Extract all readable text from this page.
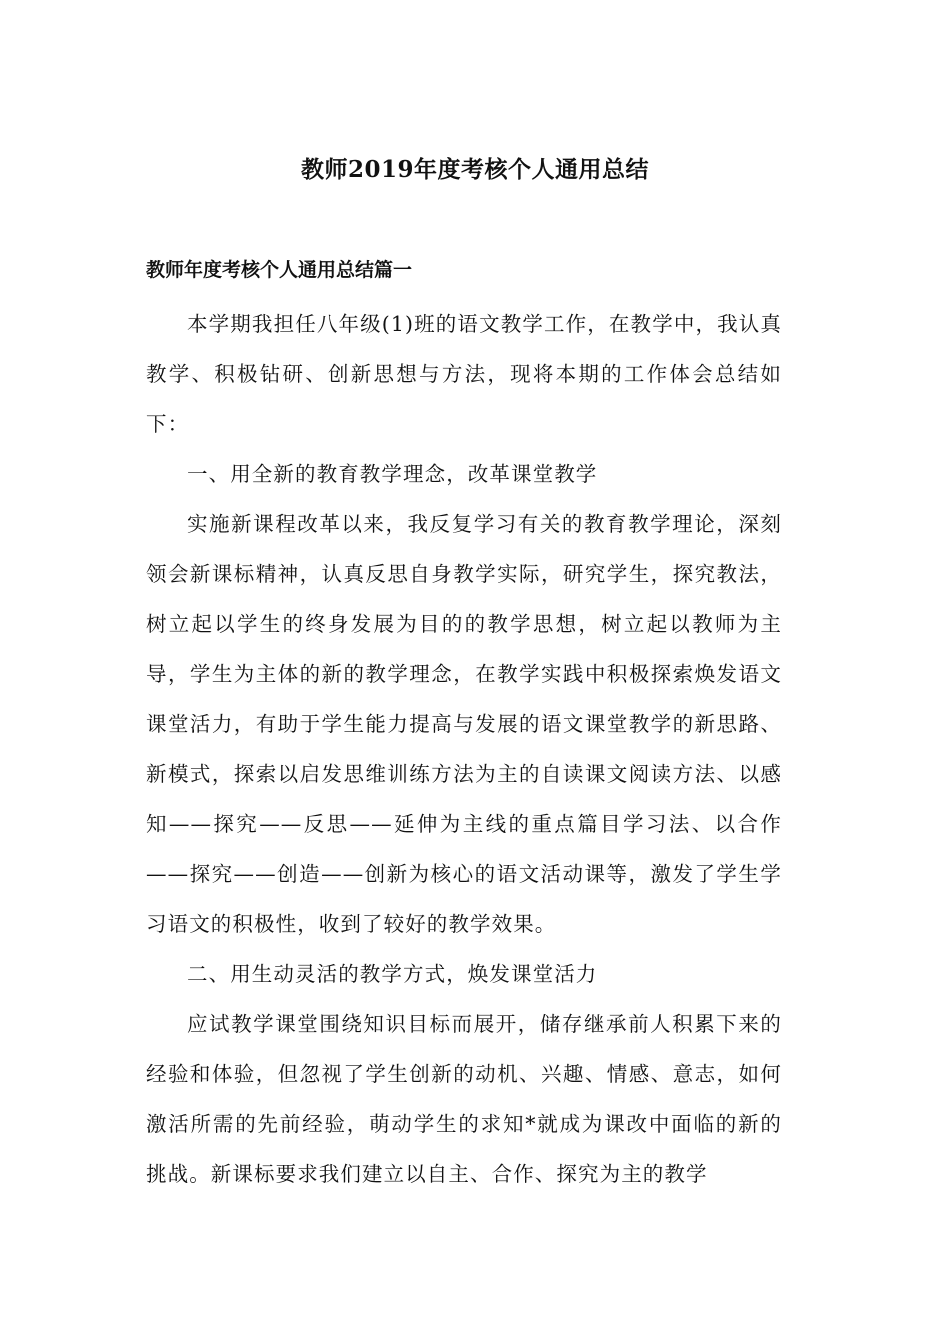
教师2019年度考核个人通用总结
教师年度考核个人通用总结篇一

本学期我担任八年级(1)班的语文教学工作，在教学中，我认真教学、积极钻研、创新思想与方法，现将本期的工作体会总结如下：

一、用全新的教育教学理念，改革课堂教学

实施新课程改革以来，我反复学习有关的教育教学理论，深刻领会新课标精神，认真反思自身教学实际，研究学生，探究教法，树立起以学生的终身发展为目的的教学思想，树立起以教师为主导，学生为主体的新的教学理念，在教学实践中积极探索焕发语文课堂活力，有助于学生能力提高与发展的语文课堂教学的新思路、新模式，探索以启发思维训练方法为主的自读课文阅读方法、以感知——探究——反思——延伸为主线的重点篇目学习法、以合作——探究——创造——创新为核心的语文活动课等，激发了学生学习语文的积极性，收到了较好的教学效果。

二、用生动灵活的教学方式，焕发课堂活力

应试教学课堂围绕知识目标而展开，储存继承前人积累下来的经验和体验，但忽视了学生创新的动机、兴趣、情感、意志，如何激活所需的先前经验，萌动学生的求知*就成为课改中面临的新的挑战。新课标要求我们建立以自主、合作、探究为主的教学
